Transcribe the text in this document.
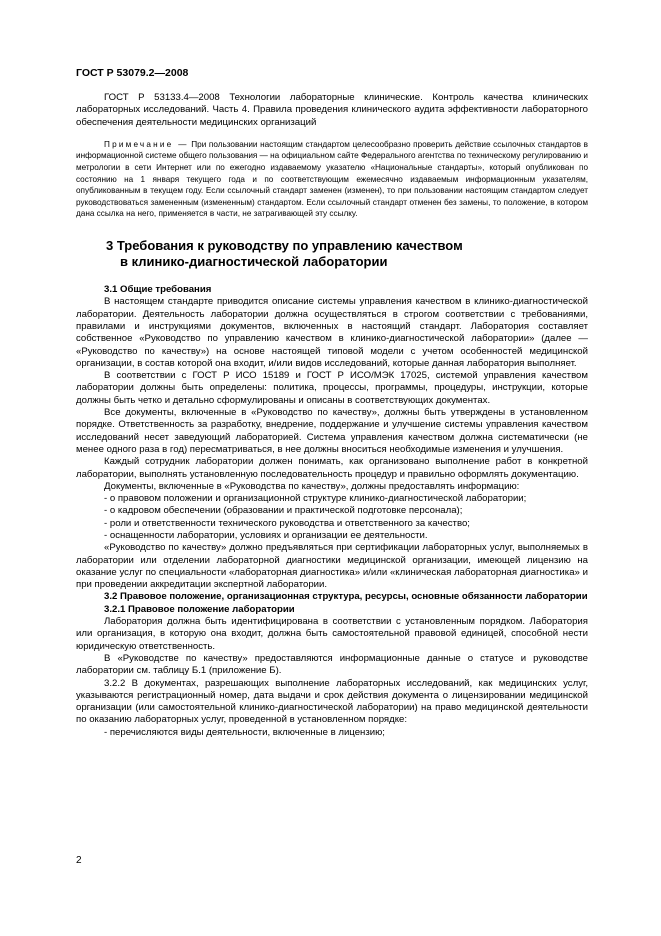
ГОСТ Р 53079.2—2008

ГОСТ Р 53133.4—2008 Технологии лабораторные клинические. Контроль качества клинических лабораторных исследований. Часть 4. Правила проведения клинического аудита эффективности лабораторного обеспечения деятельности медицинских организаций

Примечание — При пользовании настоящим стандартом целесообразно проверить действие ссылочных стандартов в информационной системе общего пользования — на официальном сайте Федерального агентства по техническому регулированию и метрологии в сети Интернет или по ежегодно издаваемому указателю «Национальные стандарты», который опубликован по состоянию на 1 января текущего года и по соответствующим ежемесячно издаваемым информационным указателям, опубликованным в текущем году. Если ссылочный стандарт заменен (изменен), то при пользовании настоящим стандартом следует руководствоваться замененным (измененным) стандартом. Если ссылочный стандарт отменен без замены, то положение, в котором дана ссылка на него, применяется в части, не затрагивающей эту ссылку.

3 Требования к руководству по управлению качеством
в клинико-диагностической лаборатории

3.1 Общие требования

В настоящем стандарте приводится описание системы управления качеством в клинико-диагностической лаборатории. Деятельность лаборатории должна осуществляться в строгом соответствии с требованиями, правилами и инструкциями документов, включенных в настоящий стандарт. Лаборатория составляет собственное «Руководство по управлению качеством в клинико-диагностической лаборатории» (далее — «Руководство по качеству») на основе настоящей типовой модели с учетом особенностей медицинской организации, в состав которой она входит, и/или видов исследований, которые данная лаборатория выполняет.

В соответствии с ГОСТ Р ИСО 15189 и ГОСТ Р ИСО/МЭК 17025, системой управления качеством лаборатории должны быть определены: политика, процессы, программы, процедуры, инструкции, которые должны быть четко и детально сформулированы и описаны в соответствующих документах.

Все документы, включенные в «Руководство по качеству», должны быть утверждены в установленном порядке. Ответственность за разработку, внедрение, поддержание и улучшение системы управления качеством исследований несет заведующий лабораторией. Система управления качеством должна систематически (не менее одного раза в год) пересматриваться, в нее должны вноситься необходимые изменения и улучшения.

Каждый сотрудник лаборатории должен понимать, как организовано выполнение работ в конкретной лаборатории, выполнять установленную последовательность процедур и правильно оформлять документацию.

Документы, включенные в «Руководства по качеству», должны предоставлять информацию:

- о правовом положении и организационной структуре клинико-диагностической лаборатории;

- о кадровом обеспечении (образовании и практической подготовке персонала);

- роли и ответственности технического руководства и ответственного за качество;

- оснащенности лаборатории, условиях и организации ее деятельности.

«Руководство по качеству» должно предъявляться при сертификации лабораторных услуг, выполняемых в лаборатории или отделении лабораторной диагностики медицинской организации, имеющей лицензию на оказание услуг по специальности «лабораторная диагностика» и/или «клиническая лабораторная диагностика» и при проведении аккредитации экспертной лаборатории.

3.2 Правовое положение, организационная структура, ресурсы, основные обязанности лаборатории

3.2.1 Правовое положение лаборатории

Лаборатория должна быть идентифицирована в соответствии с установленным порядком. Лаборатория или организация, в которую она входит, должна быть самостоятельной правовой единицей, способной нести юридическую ответственность.

В «Руководстве по качеству» предоставляются информационные данные о статусе и руководстве лаборатории см. таблицу Б.1 (приложение Б).

3.2.2 В документах, разрешающих выполнение лабораторных исследований, как медицинских услуг, указываются регистрационный номер, дата выдачи и срок действия документа о лицензировании медицинской организации (или самостоятельной клинико-диагностической лаборатории) на право медицинской деятельности по оказанию лабораторных услуг, проведенной в установленном порядке:

- перечисляются виды деятельности, включенные в лицензию;

2
